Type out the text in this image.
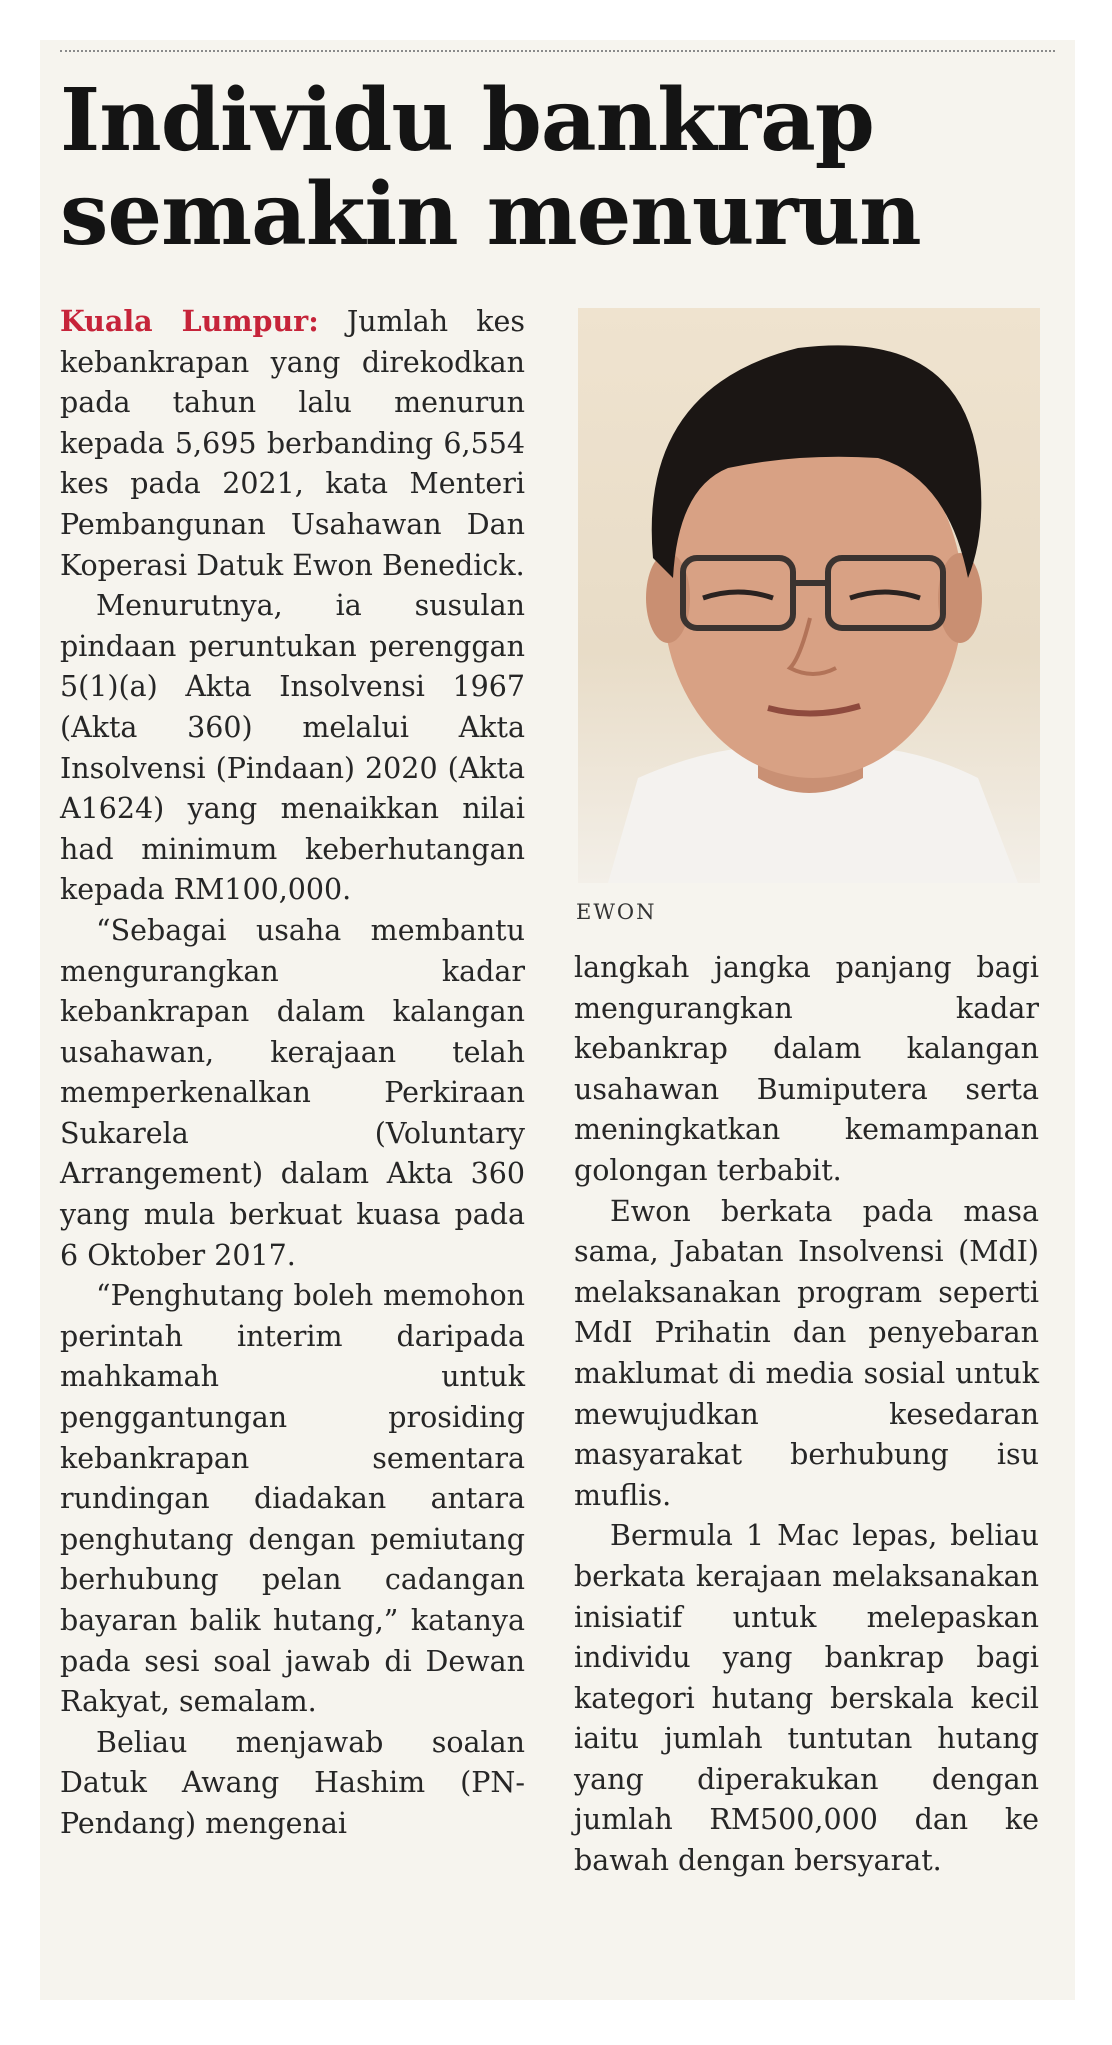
Individu bankrap
semakin menurun

Kuala Lumpur: Jumlah kes kebankrapan yang direkodkan pada tahun lalu menurun kepada 5,695 berbanding 6,554 kes pada 2021, kata Menteri Pembangunan Usahawan Dan Koperasi Datuk Ewon Benedick.

Menurutnya, ia susulan pindaan peruntukan perenggan 5(1)(a) Akta Insolvensi 1967 (Akta 360) melalui Akta Insolvensi (Pindaan) 2020 (Akta A1624) yang menaikkan nilai had minimum keberhutangan kepada RM100,000.

“Sebagai usaha membantu mengurangkan kadar kebankrapan dalam kalangan usahawan, kerajaan telah memperkenalkan Perkiraan Sukarela (Voluntary Arrangement) dalam Akta 360 yang mula berkuat kuasa pada 6 Oktober 2017.

“Penghutang boleh memohon perintah interim daripada mahkamah untuk penggantungan prosiding kebankrapan sementara rundingan diadakan antara penghutang dengan pemiutang berhubung pelan cadangan bayaran balik hutang,” katanya pada sesi soal jawab di Dewan Rakyat, semalam.

Beliau menjawab soalan Datuk Awang Hashim (PN-Pendang) mengenai

EWON

langkah jangka panjang bagi mengurangkan kadar kebankrap dalam kalangan usahawan Bumiputera serta meningkatkan kemampanan golongan terbabit.

Ewon berkata pada masa sama, Jabatan Insolvensi (MdI) melaksanakan program seperti MdI Prihatin dan penyebaran maklumat di media sosial untuk mewujudkan kesedaran masyarakat berhubung isu muflis.

Bermula 1 Mac lepas, beliau berkata kerajaan melaksanakan inisiatif untuk melepaskan individu yang bankrap bagi kategori hutang berskala kecil iaitu jumlah tuntutan hutang yang diperakukan dengan jumlah RM500,000 dan ke bawah dengan bersyarat.
